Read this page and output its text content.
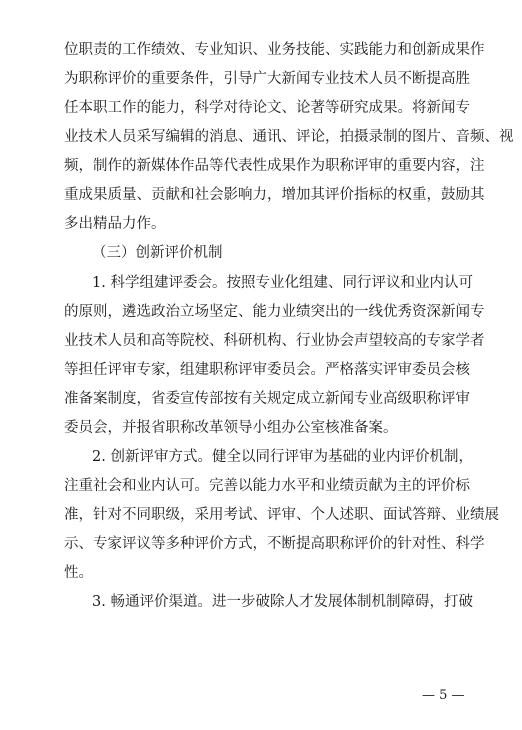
位职责的工作绩效、专业知识、业务技能、实践能力和创新成果作
为职称评价的重要条件，引导广大新闻专业技术人员不断提高胜
任本职工作的能力，科学对待论文、论著等研究成果。将新闻专
业技术人员采写编辑的消息、通讯、评论，拍摄录制的图片、音频、视
频，制作的新媒体作品等代表性成果作为职称评审的重要内容，注
重成果质量、贡献和社会影响力，增加其评价指标的权重，鼓励其
多出精品力作。
（三）创新评价机制
1. 科学组建评委会。按照专业化组建、同行评议和业内认可
的原则，遴选政治立场坚定、能力业绩突出的一线优秀资深新闻专
业技术人员和高等院校、科研机构、行业协会声望较高的专家学者
等担任评审专家，组建职称评审委员会。严格落实评审委员会核
准备案制度，省委宣传部按有关规定成立新闻专业高级职称评审
委员会，并报省职称改革领导小组办公室核准备案。
2. 创新评审方式。健全以同行评审为基础的业内评价机制，
注重社会和业内认可。完善以能力水平和业绩贡献为主的评价标
准，针对不同职级，采用考试、评审、个人述职、面试答辩、业绩展
示、专家评议等多种评价方式，不断提高职称评价的针对性、科学
性。
3. 畅通评价渠道。进一步破除人才发展体制机制障碍，打破
— 5 —
